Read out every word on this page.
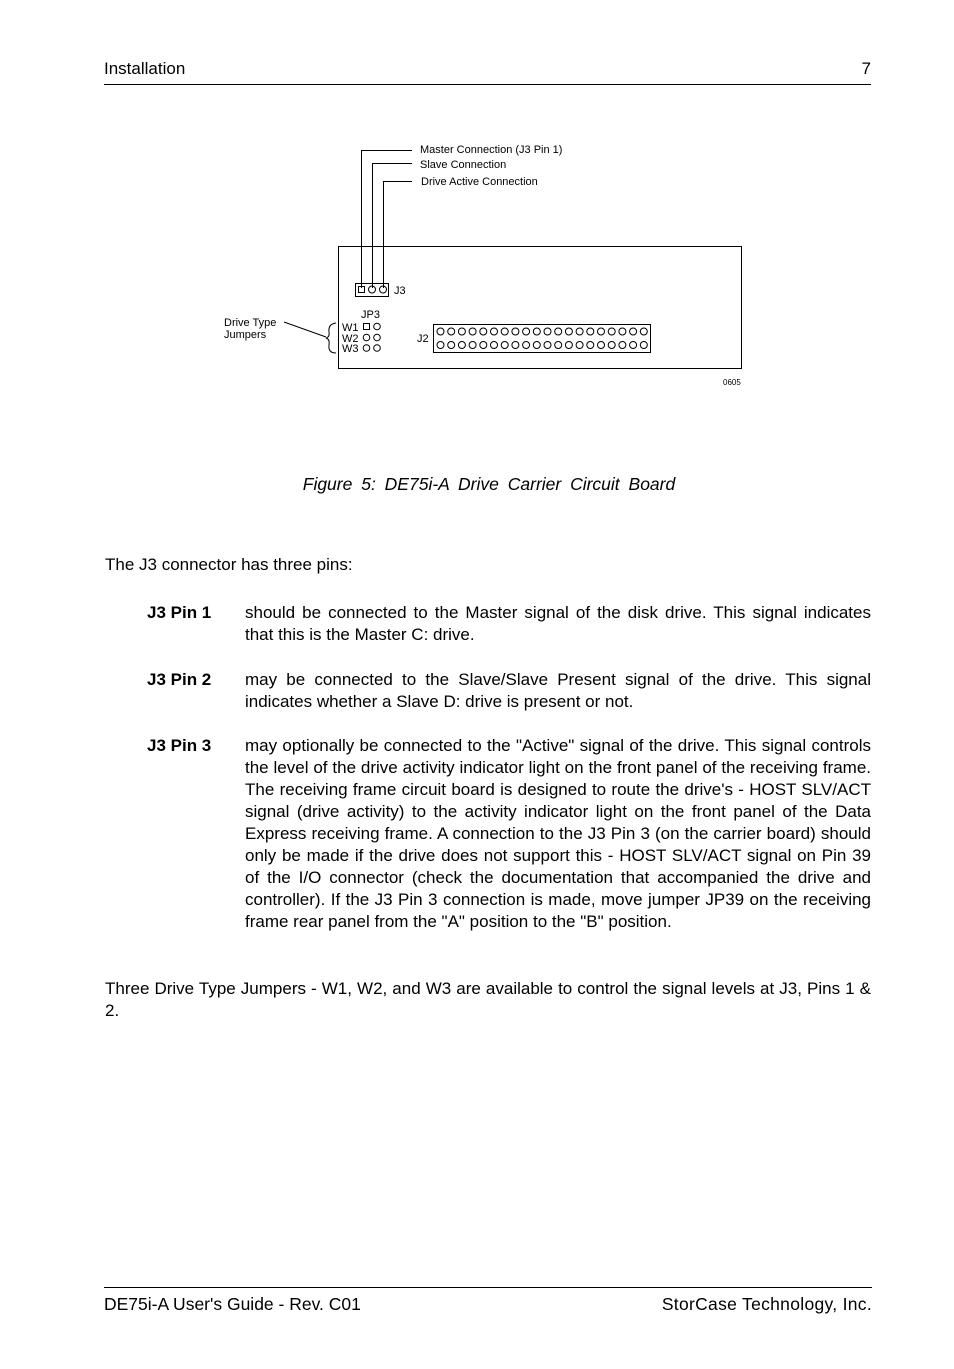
Installation	7
Master Connection (J3 Pin 1)
Slave Connection
Drive Active Connection
J3
JP3
W1
W2
W3
J2
Drive Type
Jumpers
0605
Figure 5: DE75i-A Drive Carrier Circuit Board
The J3 connector has three pins:
J3 Pin 1 should be connected to the Master signal of the disk drive. This signal indicates that this is the Master C: drive.
J3 Pin 2 may be connected to the Slave/Slave Present signal of the drive. This signal indicates whether a Slave D: drive is present or not.
J3 Pin 3 may optionally be connected to the "Active" signal of the drive. This signal controls the level of the drive activity indicator light on the front panel of the receiving frame. The receiving frame circuit board is designed to route the drive's - HOST SLV/ACT signal (drive activity) to the activity indicator light on the front panel of the Data Express receiving frame. A connection to the J3 Pin 3 (on the carrier board) should only be made if the drive does not support this - HOST SLV/ACT signal on Pin 39 of the I/O connector (check the documentation that accompanied the drive and controller). If the J3 Pin 3 connection is made, move jumper JP39 on the receiving frame rear panel from the "A" position to the "B" position.
Three Drive Type Jumpers - W1, W2, and W3 are available to control the signal levels at J3, Pins 1 & 2.
DE75i-A User's Guide - Rev. C01	StorCase Technology, Inc.
